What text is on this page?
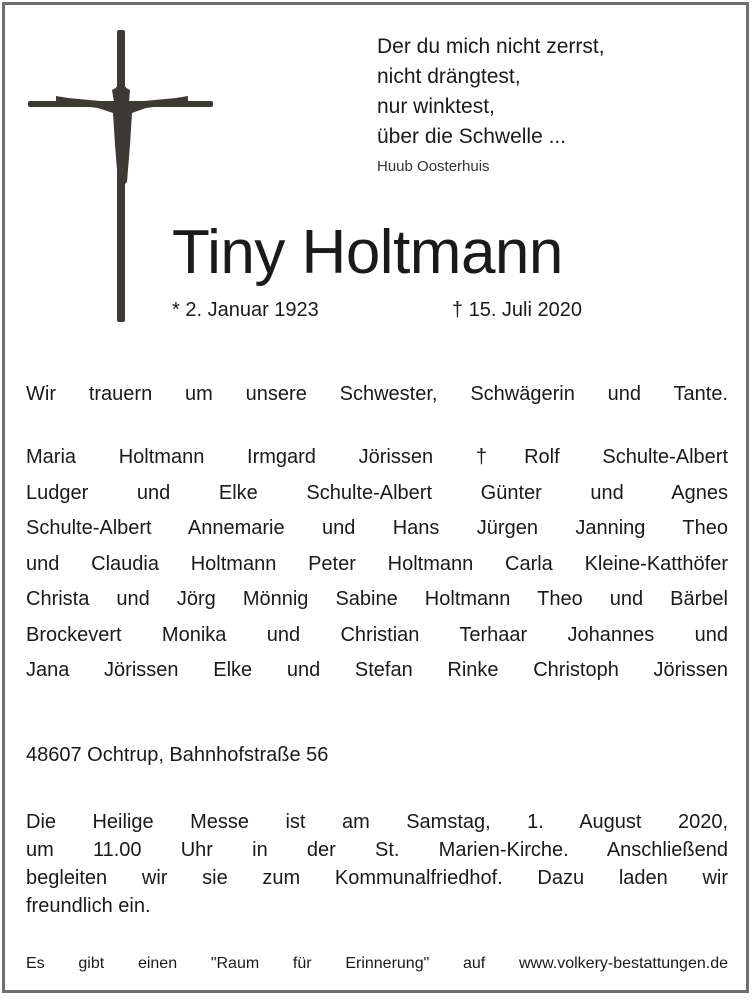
Der du mich nicht zerrst,
nicht drängtest,
nur winktest,
über die Schwelle ...
Huub Oosterhuis
Tiny Holtmann
* 2. Januar 1923	† 15. Juli 2020
Wir trauern um unsere Schwester, Schwägerin und Tante.
Maria Holtmann Irmgard Jörissen †Rolf Schulte-Albert
Ludger und Elke Schulte-Albert Günter und Agnes
Schulte-Albert Annemarie und Hans Jürgen Janning Theo
und Claudia Holtmann Peter Holtmann Carla Kleine-Katthöfer
Christa und Jörg Mönnig Sabine Holtmann Theo und Bärbel
Brockevert Monika und Christian Terhaar Johannes und
Jana Jörissen Elke und Stefan Rinke Christoph Jörissen
48607 Ochtrup, Bahnhofstraße 56
Die Heilige Messe ist am Samstag, 1. August 2020,
um 11.00 Uhr in der St. Marien-Kirche. Anschließend
begleiten wir sie zum Kommunalfriedhof. Dazu laden wir
freundlich ein.
Es gibt einen "Raum für Erinnerung" auf www.volkery-bestattungen.de
